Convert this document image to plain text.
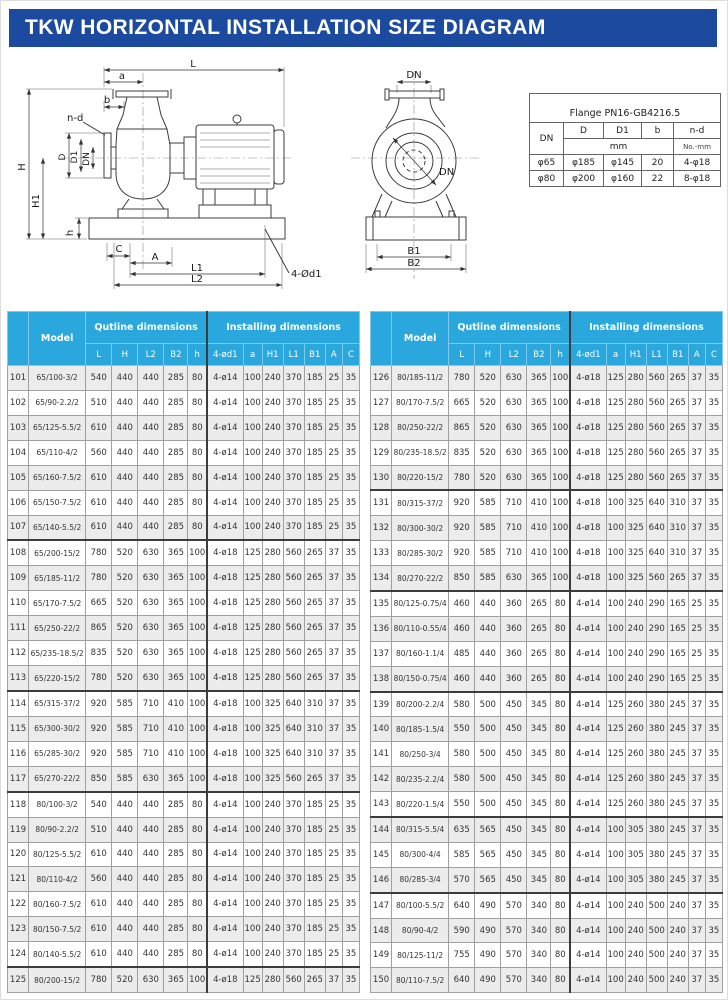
TKW HORIZONTAL INSTALLATION SIZE DIAGRAM
L
a
b
n-d
H
H1
D D1 DN
h
C
A
L1
L2	4-Ød1
DN
DN
B1
B2
Flange PN16-GB4216.5				
DN	D	D1	b	n-d
	mm			No.-mm
φ65	φ185	φ145	20	4-φ18
φ80	φ200	φ160	22	8-φ18
	Model	Qutline dimensions					Installing dimensions						
		L	H	L2	B2	h	4-ød1	a	H1	L1	B1	A	C
101	65/100-3/2	540	440	440	285	80	4-ø14	100	240	370	185	25	35
102	65/90-2.2/2	510	440	440	285	80	4-ø14	100	240	370	185	25	35
103	65/125-5.5/2	610	440	440	285	80	4-ø14	100	240	370	185	25	35
104	65/110-4/2	560	440	440	285	80	4-ø14	100	240	370	185	25	35
105	65/160-7.5/2	610	440	440	285	80	4-ø14	100	240	370	185	25	35
106	65/150-7.5/2	610	440	440	285	80	4-ø14	100	240	370	185	25	35
107	65/140-5.5/2	610	440	440	285	80	4-ø14	100	240	370	185	25	35
108	65/200-15/2	780	520	630	365	100	4-ø18	125	280	560	265	37	35
109	65/185-11/2	780	520	630	365	100	4-ø18	125	280	560	265	37	35
110	65/170-7.5/2	665	520	630	365	100	4-ø18	125	280	560	265	37	35
111	65/250-22/2	865	520	630	365	100	4-ø18	125	280	560	265	37	35
112	65/235-18.5/2	835	520	630	365	100	4-ø18	125	280	560	265	37	35
113	65/220-15/2	780	520	630	365	100	4-ø18	125	280	560	265	37	35
114	65/315-37/2	920	585	710	410	100	4-ø18	100	325	640	310	37	35
115	65/300-30/2	920	585	710	410	100	4-ø18	100	325	640	310	37	35
116	65/285-30/2	920	585	710	410	100	4-ø18	100	325	640	310	37	35
117	65/270-22/2	850	585	630	365	100	4-ø18	100	325	560	265	37	35
118	80/100-3/2	540	440	440	285	80	4-ø14	100	240	370	185	25	35
119	80/90-2.2/2	510	440	440	285	80	4-ø14	100	240	370	185	25	35
120	80/125-5.5/2	610	440	440	285	80	4-ø14	100	240	370	185	25	35
121	80/110-4/2	560	440	440	285	80	4-ø14	100	240	370	185	25	35
122	80/160-7.5/2	610	440	440	285	80	4-ø14	100	240	370	185	25	35
123	80/150-7.5/2	610	440	440	285	80	4-ø14	100	240	370	185	25	35
124	80/140-5.5/2	610	440	440	285	80	4-ø14	100	240	370	185	25	35
125	80/200-15/2	780	520	630	365	100	4-ø18	125	280	560	265	37	35
	Model	Qutline dimensions					Installing dimensions						
		L	H	L2	B2	h	4-ød1	a	H1	L1	B1	A	C
126	80/185-11/2	780	520	630	365	100	4-ø18	125	280	560	265	37	35
127	80/170-7.5/2	665	520	630	365	100	4-ø18	125	280	560	265	37	35
128	80/250-22/2	865	520	630	365	100	4-ø18	125	280	560	265	37	35
129	80/235-18.5/2	835	520	630	365	100	4-ø18	125	280	560	265	37	35
130	80/220-15/2	780	520	630	365	100	4-ø18	125	280	560	265	37	35
131	80/315-37/2	920	585	710	410	100	4-ø18	100	325	640	310	37	35
132	80/300-30/2	920	585	710	410	100	4-ø18	100	325	640	310	37	35
133	80/285-30/2	920	585	710	410	100	4-ø18	100	325	640	310	37	35
134	80/270-22/2	850	585	630	365	100	4-ø18	100	325	560	265	37	35
135	80/125-0.75/4	460	440	360	265	80	4-ø14	100	240	290	165	25	35
136	80/110-0.55/4	460	440	360	265	80	4-ø14	100	240	290	165	25	35
137	80/160-1.1/4	485	440	360	265	80	4-ø14	100	240	290	165	25	35
138	80/150-0.75/4	460	440	360	265	80	4-ø14	100	240	290	165	25	35
139	80/200-2.2/4	580	500	450	345	80	4-ø14	125	260	380	245	37	35
140	80/185-1.5/4	550	500	450	345	80	4-ø14	125	260	380	245	37	35
141	80/250-3/4	580	500	450	345	80	4-ø14	125	260	380	245	37	35
142	80/235-2.2/4	580	500	450	345	80	4-ø14	125	260	380	245	37	35
143	80/220-1.5/4	550	500	450	345	80	4-ø14	125	260	380	245	37	35
144	80/315-5.5/4	635	565	450	345	80	4-ø14	100	305	380	245	37	35
145	80/300-4/4	585	565	450	345	80	4-ø14	100	305	380	245	37	35
146	80/285-3/4	570	565	450	345	80	4-ø14	100	305	380	245	37	35
147	80/100-5.5/2	640	490	570	340	80	4-ø14	100	240	500	240	37	35
148	80/90-4/2	590	490	570	340	80	4-ø14	100	240	500	240	37	35
149	80/125-11/2	755	490	570	340	80	4-ø14	100	240	500	240	37	35
150	80/110-7.5/2	640	490	570	340	80	4-ø14	100	240	500	240	37	35
